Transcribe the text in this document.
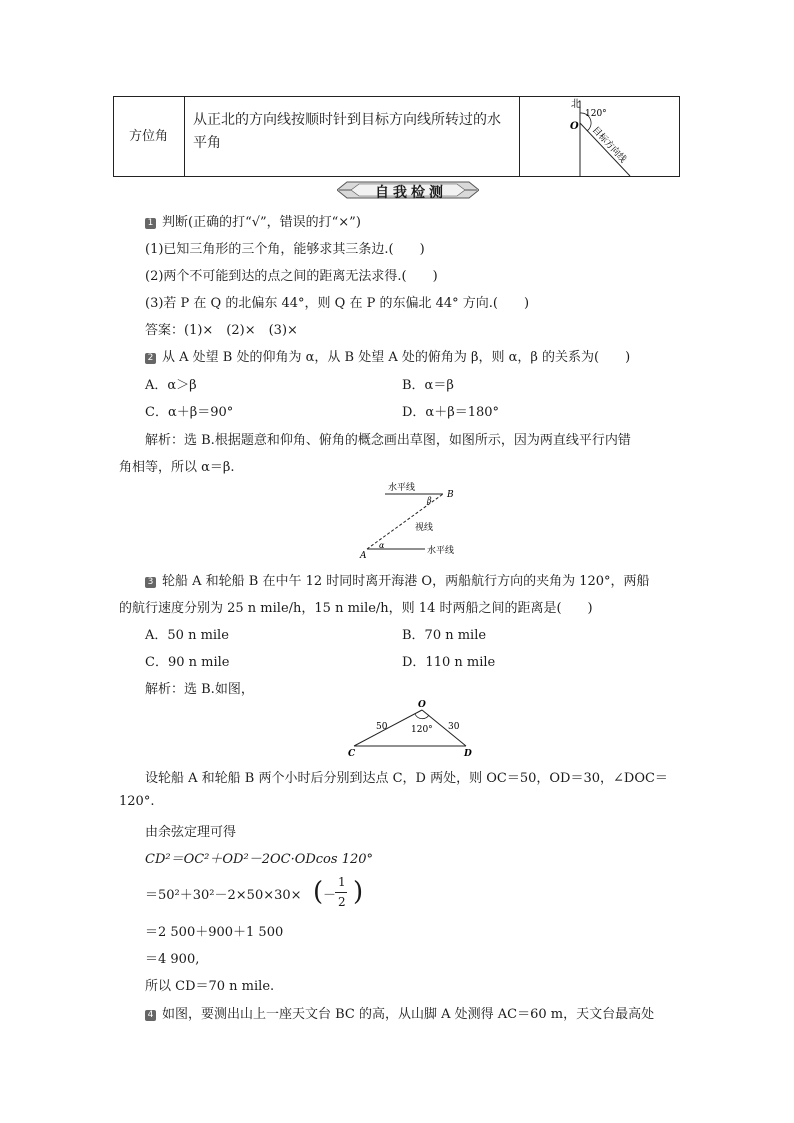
方位角
从正北的方向线按顺时针到目标方向线所转过的水平角
北
O
120°
目标方向线
自我检测
1 判断(正确的打“√”，错误的打“×”)
(1)已知三角形的三个角，能够求其三条边.(　　)
(2)两个不可能到达的点之间的距离无法求得.(　　)
(3)若 P 在 Q 的北偏东 44°，则 Q 在 P 的东偏北 44° 方向.(　　)
答案：(1)×　(2)×　(3)×
2 从 A 处望 B 处的仰角为 α，从 B 处望 A 处的俯角为 β，则 α，β 的关系为(　　)
A．α＞β	B．α＝β
C．α＋β＝90°	D．α＋β＝180°
解析：选 B.根据题意和仰角、俯角的概念画出草图，如图所示，因为两直线平行内错
角相等，所以 α＝β.
水平线
β
B
视线
α
A	水平线
3 轮船 A 和轮船 B 在中午 12 时同时离开海港 O，两船航行方向的夹角为 120°，两船
的航行速度分别为 25 n mile/h，15 n mile/h，则 14 时两船之间的距离是(　　)
A．50 n mile	B．70 n mile
C．90 n mile	D．110 n mile
解析：选 B.如图，
O
50	30
120°
C	D
设轮船 A 和轮船 B 两个小时后分别到达点 C，D 两处，则 OC＝50，OD＝30，∠DOC＝
120°.
由余弦定理可得
CD²＝OC²＋OD²－2OC·ODcos 120°
＝50²＋30²－2×50×30× ( －
1
2 )
＝2 500＋900＋1 500
＝4 900,
所以 CD＝70 n mile.
4 如图，要测出山上一座天文台 BC 的高，从山脚 A 处测得 AC＝60 m，天文台最高处
